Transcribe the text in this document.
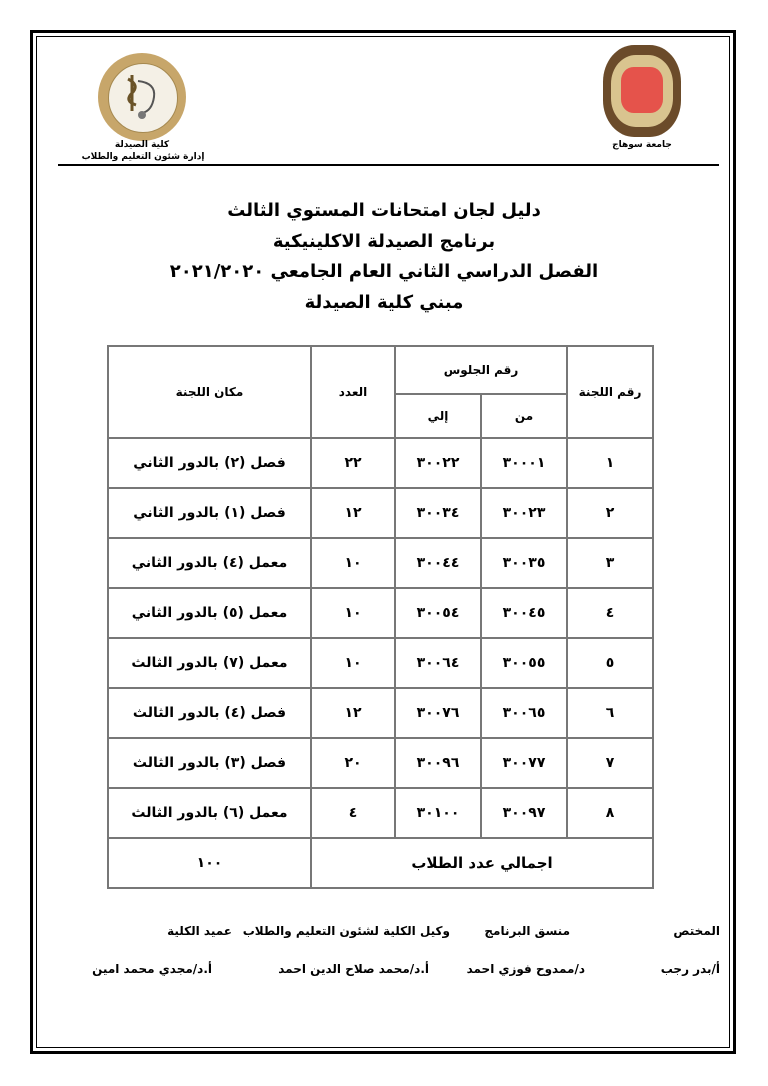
كلية الصيدلة
إدارة شئون التعليم والطلاب
جامعة سوهاج
دليل لجان امتحانات المستوي الثالث
برنامج الصيدلة الاكلينيكية
الفصل الدراسي الثاني العام الجامعي ٢٠٢١/٢٠٢٠
مبني كلية الصيدلة
رقم اللجنة	رقم الجلوس		العدد	مكان اللجنة
	من	إلي		
١	٣٠٠٠١	٣٠٠٢٢	٢٢	فصل (٢) بالدور الثاني
٢	٣٠٠٢٣	٣٠٠٣٤	١٢	فصل (١) بالدور الثاني
٣	٣٠٠٣٥	٣٠٠٤٤	١٠	معمل (٤) بالدور الثاني
٤	٣٠٠٤٥	٣٠٠٥٤	١٠	معمل (٥) بالدور الثاني
٥	٣٠٠٥٥	٣٠٠٦٤	١٠	معمل (٧) بالدور الثالث
٦	٣٠٠٦٥	٣٠٠٧٦	١٢	فصل (٤) بالدور الثالث
٧	٣٠٠٧٧	٣٠٠٩٦	٢٠	فصل (٣) بالدور الثالث
٨	٣٠٠٩٧	٣٠١٠٠	٤	معمل (٦) بالدور الثالث
اجمالي عدد الطلاب				١٠٠
المختص
منسق البرنامج
وكيل الكلية لشئون التعليم والطلاب
عميد الكلية
أ/بدر رجب
د/ممدوح فوزي احمد
أ.د/محمد صلاح الدين احمد
أ.د/مجدي محمد امين
